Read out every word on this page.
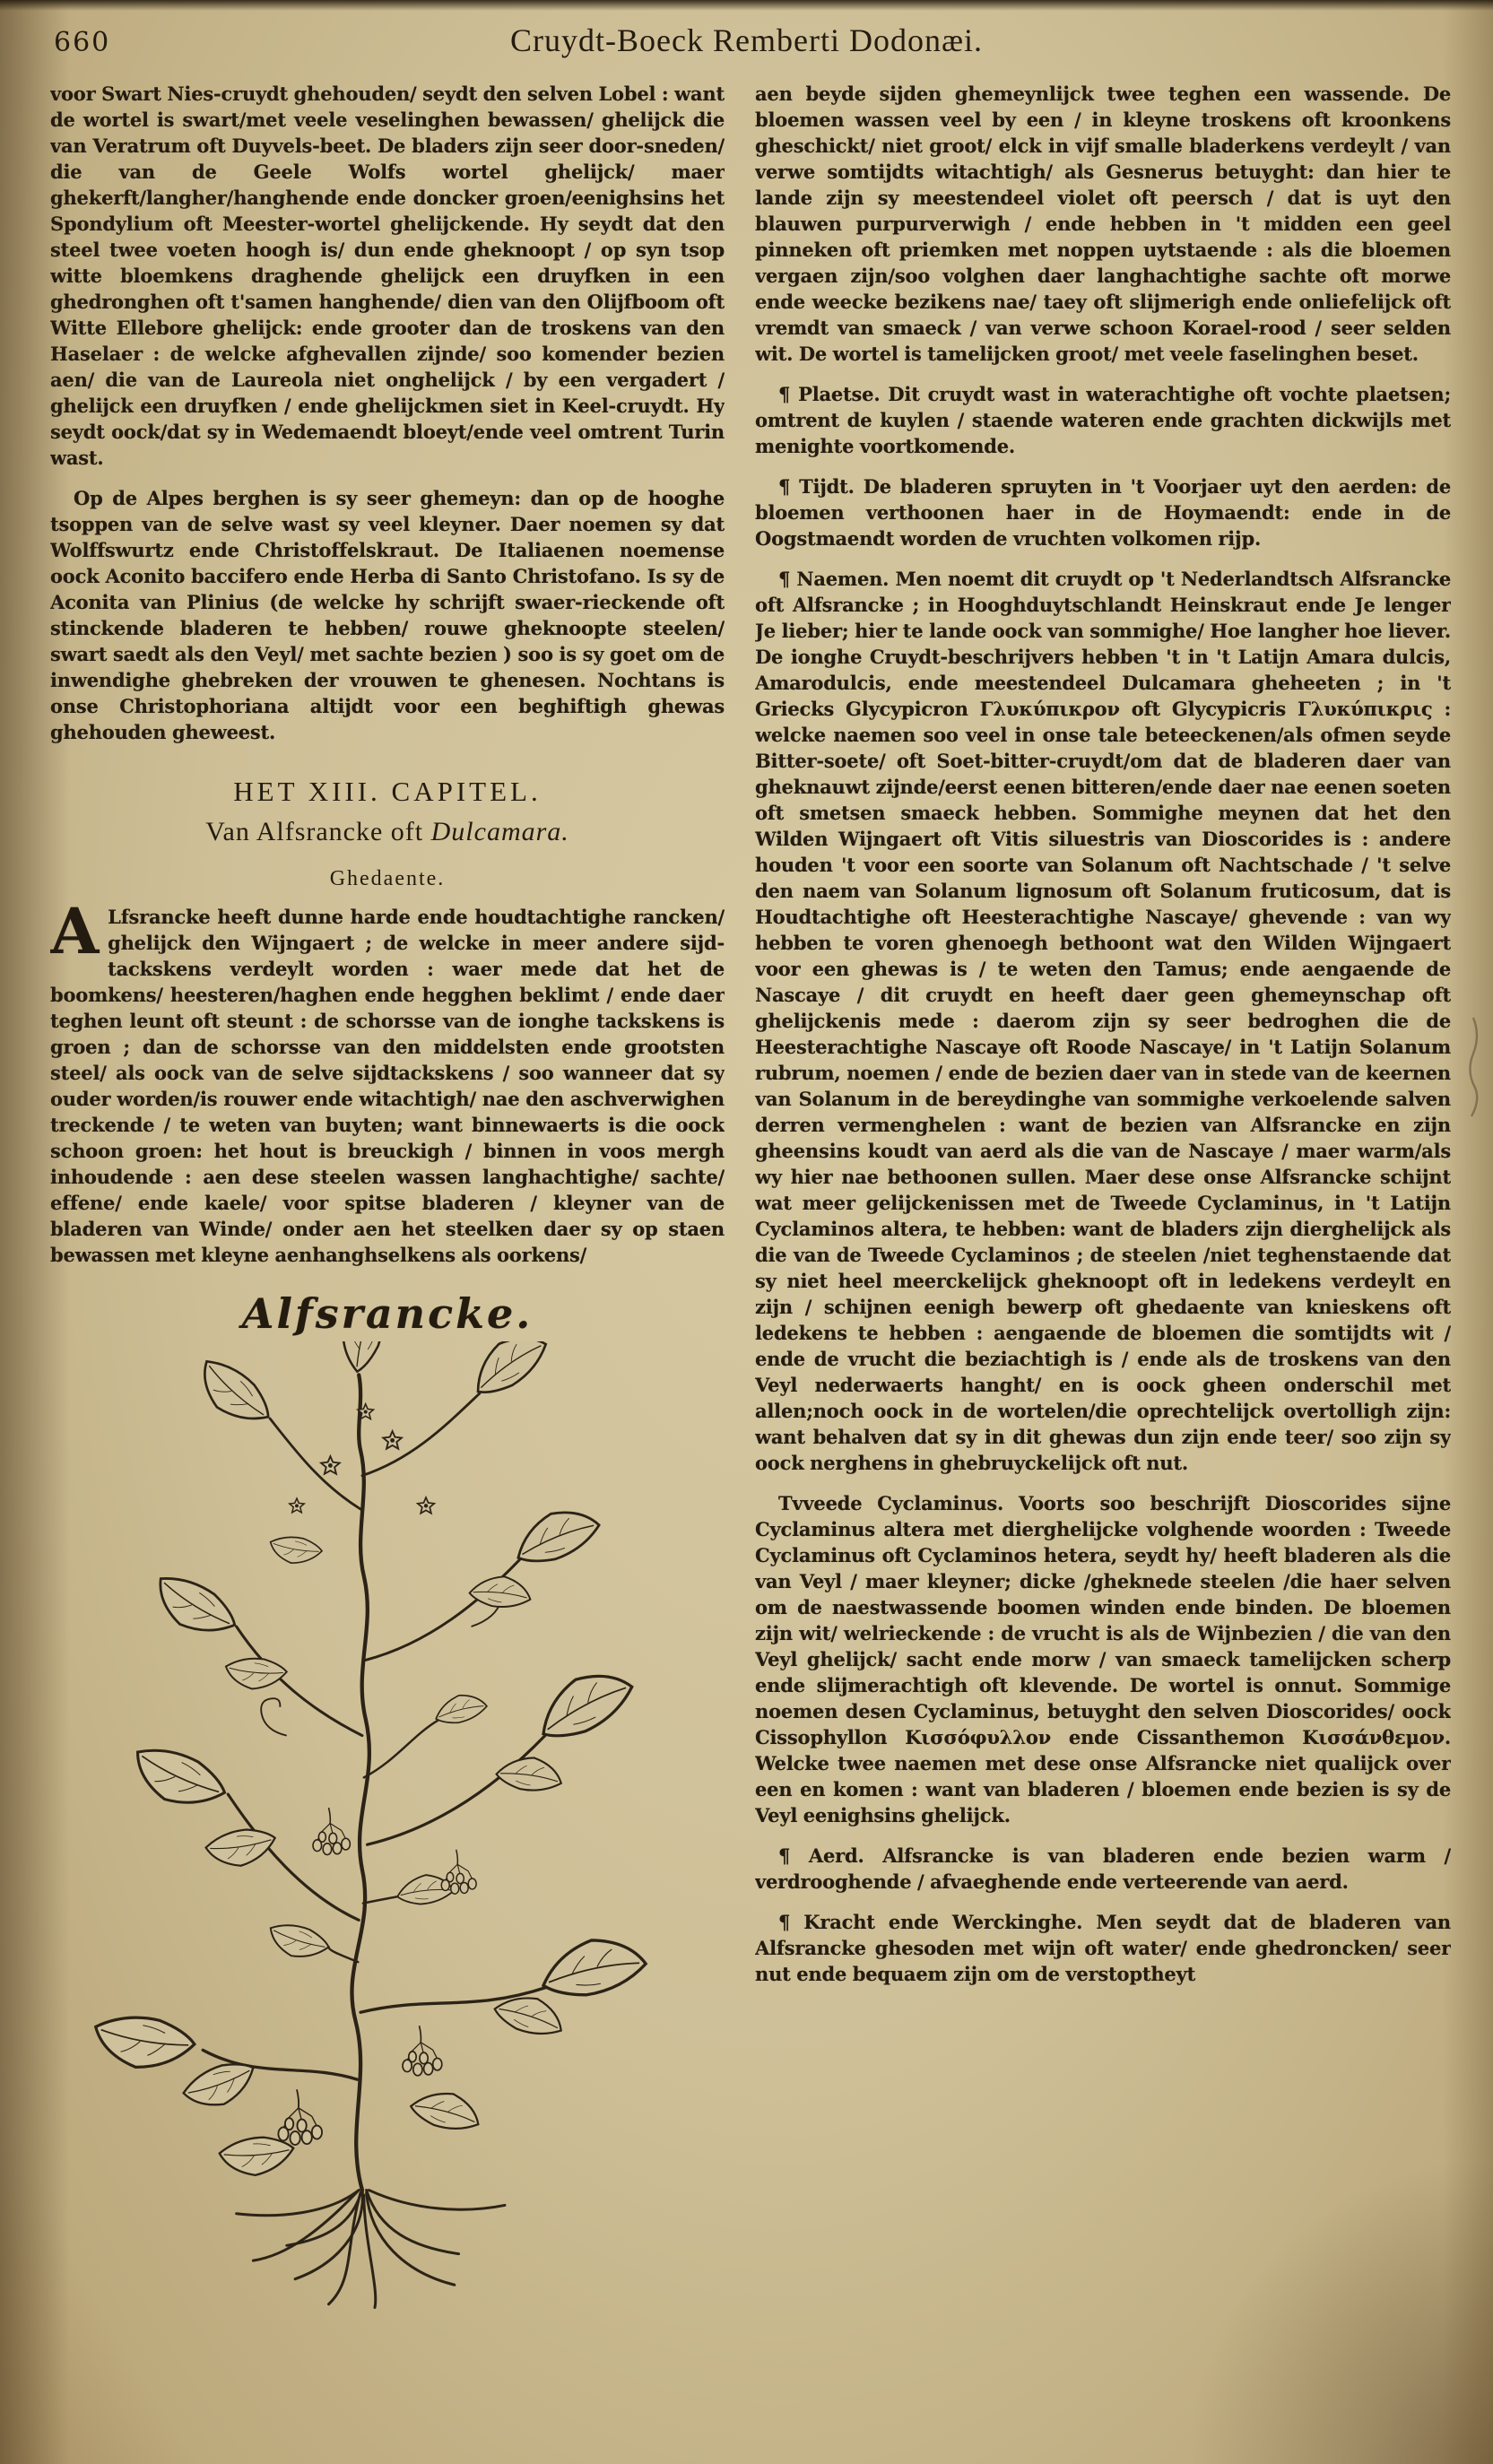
660	Cruydt-Boeck Remberti Dodonæi.

voor Swart Nies-cruydt ghehouden/ seydt den selven Lobel : want de wortel is swart/met veele veselinghen bewassen/ ghelijck die van Veratrum oft Duyvels-beet. De bladers zijn seer door-sneden/ die van de Geele Wolfs wortel ghelijck/ maer ghekerft/langher/hanghende ende doncker groen/eenighsins het Spondylium oft Meester-wortel ghelijckende. Hy seydt dat den steel twee voeten hoogh is/ dun ende gheknoopt / op syn tsop witte bloemkens draghende ghelijck een druyfken in een ghedronghen oft t'samen hanghende/ dien van den Olijfboom oft Witte Ellebore ghelijck: ende grooter dan de troskens van den Haselaer : de welcke afghevallen zijnde/ soo komender bezien aen/ die van de Laureola niet onghelijck / by een vergadert / ghelijck een druyfken / ende ghelijckmen siet in Keel-cruydt. Hy seydt oock/dat sy in Wedemaendt bloeyt/ende veel omtrent Turin wast.

Op de Alpes berghen is sy seer ghemeyn: dan op de hooghe tsoppen van de selve wast sy veel kleyner. Daer noemen sy dat Wolffswurtz ende Christoffelskraut. De Italiaenen noemense oock Aconito baccifero ende Herba di Santo Christofano. Is sy de Aconita van Plinius (de welcke hy schrijft swaer-rieckende oft stinckende bladeren te hebben/ rouwe gheknoopte steelen/ swart saedt als den Veyl/ met sachte bezien ) soo is sy goet om de inwendighe ghebreken der vrouwen te ghenesen. Nochtans is onse Christophoriana altijdt voor een beghiftigh ghewas ghehouden gheweest.

HET XIII. CAPITEL.
Van Alfsrancke oft Dulcamara.
Ghedaente.

A Lfsrancke heeft dunne harde ende houdtachtighe rancken/ ghelijck den Wijngaert ; de welcke in meer andere sijd-tackskens verdeylt worden : waer mede dat het de boomkens/ heesteren/haghen ende hegghen beklimt / ende daer teghen leunt oft steunt : de schorsse van de ionghe tackskens is groen ; dan de schorsse van den middelsten ende grootsten steel/ als oock van de selve sijdtackskens / soo wanneer dat sy ouder worden/is rouwer ende witachtigh/ nae den aschverwighen treckende / te weten van buyten; want binnewaerts is die oock schoon groen: het hout is breuckigh / binnen in voos mergh inhoudende : aen dese steelen wassen langhachtighe/ sachte/ effene/ ende kaele/ voor spitse bladeren / kleyner van de bladeren van Winde/ onder aen het steelken daer sy op staen bewassen met kleyne aenhanghselkens als oorkens/

Alfsrancke.

aen beyde sijden ghemeynlijck twee teghen een wassende. De bloemen wassen veel by een / in kleyne troskens oft kroonkens gheschickt/ niet groot/ elck in vijf smalle bladerkens verdeylt / van verwe somtijdts witachtigh/ als Gesnerus betuyght: dan hier te lande zijn sy meestendeel violet oft peersch / dat is uyt den blauwen purpurverwigh / ende hebben in 't midden een geel pinneken oft priemken met noppen uytstaende : als die bloemen vergaen zijn/soo volghen daer langhachtighe sachte oft morwe ende weecke bezikens nae/ taey oft slijmerigh ende onliefelijck oft vremdt van smaeck / van verwe schoon Korael-rood / seer selden wit. De wortel is tamelijcken groot/ met veele faselinghen beset.

¶ Plaetse. Dit cruydt wast in waterachtighe oft vochte plaetsen; omtrent de kuylen / staende wateren ende grachten dickwijls met menighte voortkomende.

¶ Tijdt. De bladeren spruyten in 't Voorjaer uyt den aerden: de bloemen verthoonen haer in de Hoymaendt: ende in de Oogstmaendt worden de vruchten volkomen rijp.

¶ Naemen. Men noemt dit cruydt op 't Nederlandtsch Alfsrancke oft Alfsrancke ; in Hooghduytschlandt Heinskraut ende Je lenger Je lieber; hier te lande oock van sommighe/ Hoe langher hoe liever. De ionghe Cruydt-beschrijvers hebben 't in 't Latijn Amara dulcis, Amarodulcis, ende meestendeel Dulcamara gheheeten ; in 't Griecks Glycypicron Γλυκύπικρον oft Glycypicris Γλυκύπικρις : welcke naemen soo veel in onse tale beteeckenen/als ofmen seyde Bitter-soete/ oft Soet-bitter-cruydt/om dat de bladeren daer van gheknauwt zijnde/eerst eenen bitteren/ende daer nae eenen soeten oft smetsen smaeck hebben. Sommighe meynen dat het den Wilden Wijngaert oft Vitis siluestris van Dioscorides is : andere houden 't voor een soorte van Solanum oft Nachtschade / 't selve den naem van Solanum lignosum oft Solanum fruticosum, dat is Houdtachtighe oft Heesterachtighe Nascaye/ ghevende : van wy hebben te voren ghenoegh bethoont wat den Wilden Wijngaert voor een ghewas is / te weten den Tamus; ende aengaende de Nascaye / dit cruydt en heeft daer geen ghemeynschap oft ghelijckenis mede : daerom zijn sy seer bedroghen die de Heesterachtighe Nascaye oft Roode Nascaye/ in 't Latijn Solanum rubrum, noemen / ende de bezien daer van in stede van de keernen van Solanum in de bereydinghe van sommighe verkoelende salven derren vermenghelen : want de bezien van Alfsrancke en zijn gheensins koudt van aerd als die van de Nascaye / maer warm/als wy hier nae bethoonen sullen. Maer dese onse Alfsrancke schijnt wat meer gelijckenissen met de Tweede Cyclaminus, in 't Latijn Cyclaminos altera, te hebben: want de bladers zijn dierghelijck als die van de Tweede Cyclaminos ; de steelen /niet teghenstaende dat sy niet heel meerckelijck gheknoopt oft in ledekens verdeylt en zijn / schijnen eenigh bewerp oft ghedaente van knieskens oft ledekens te hebben : aengaende de bloemen die somtijdts wit / ende de vrucht die beziachtigh is / ende als de troskens van den Veyl nederwaerts hanght/ en is oock gheen onderschil met allen;noch oock in de wortelen/die oprechtelijck overtolligh zijn: want behalven dat sy in dit ghewas dun zijn ende teer/ soo zijn sy oock nerghens in ghebruyckelijck oft nut.

Tvveede Cyclaminus. Voorts soo beschrijft Dioscorides sijne Cyclaminus altera met dierghelijcke volghende woorden : Tweede Cyclaminus oft Cyclaminos hetera, seydt hy/ heeft bladeren als die van Veyl / maer kleyner; dicke /gheknede steelen /die haer selven om de naestwassende boomen winden ende binden. De bloemen zijn wit/ welrieckende : de vrucht is als de Wijnbezien / die van den Veyl ghelijck/ sacht ende morw / van smaeck tamelijcken scherp ende slijmerachtigh oft klevende. De wortel is onnut. Sommige noemen desen Cyclaminus, betuyght den selven Dioscorides/ oock Cissophyllon Κισσόφυλλον ende Cissanthemon Κισσάνθεμον. Welcke twee naemen met dese onse Alfsrancke niet qualijck over een en komen : want van bladeren / bloemen ende bezien is sy de Veyl eenighsins ghelijck.

¶ Aerd. Alfsrancke is van bladeren ende bezien warm / verdrooghende / afvaeghende ende verteerende van aerd.

¶ Kracht ende Werckinghe. Men seydt dat de bladeren van Alfsrancke ghesoden met wijn oft water/ ende ghedroncken/ seer nut ende bequaem zijn om de verstoptheyt
